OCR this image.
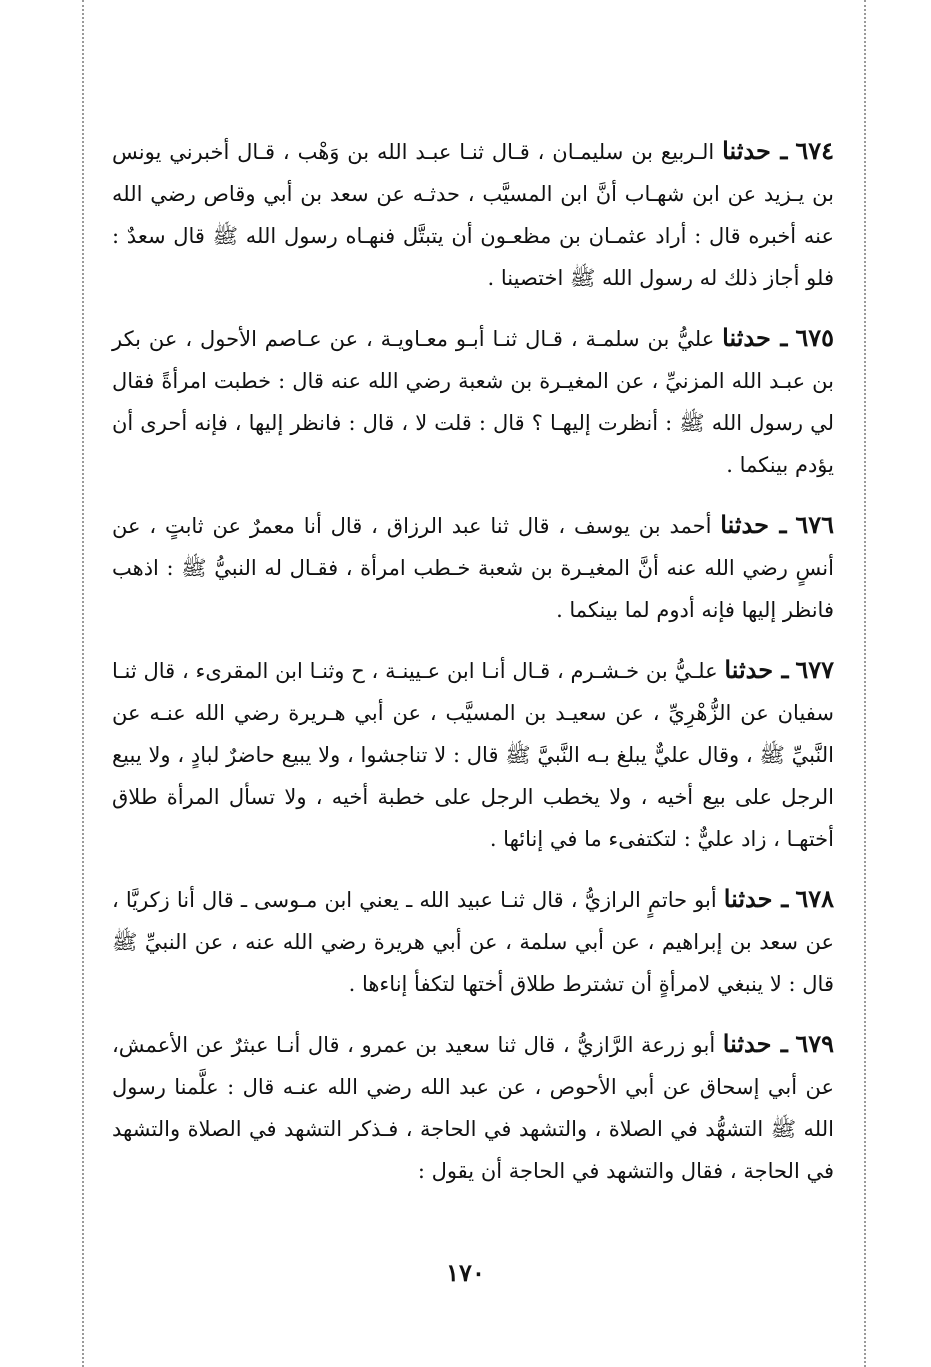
٦٧٤ ـ حدثنا الـربيع بن سليمـان ، قـال ثنـا عبـد الله بن وَهْب ، قـال أخبرني يونس بن يـزيد عن ابن شهـاب أنَّ ابن المسيَّب ، حدثـه عن سعد بن أبي وقاص رضي الله عنه أخبره قال : أراد عثمـان بن مظعـون أن يتبتَّل فنهـاه رسول الله ﷺ قال سعدٌ : فلو أجاز ذلك له رسول الله ﷺ اختصينا .

٦٧٥ ـ حدثنا عليُّ بن سلمـة ، قـال ثنـا أبـو معـاويـة ، عن عـاصم الأحول ، عن بكر بن عبـد الله المزنيِّ ، عن المغيـرة بن شعبة رضي الله عنه قال : خطبت امرأةً فقال لي رسول الله ﷺ : أنظرت إليهـا ؟ قال : قلت لا ، قال : فانظر إليها ، فإنه أحرى أن يؤدم بينكما .

٦٧٦ ـ حدثنا أحمد بن يوسف ، قال ثنا عبد الرزاق ، قال أنا معمرٌ عن ثابتٍ ، عن أنسٍ رضي الله عنه أنَّ المغيـرة بن شعبة خـطب امرأة ، فقـال له النبيُّ ﷺ : اذهب فانظر إليها فإنه أدوم لما بينكما .

٦٧٧ ـ حدثنا علـيُّ بن خـشـرم ، قـال أنـا ابن عـيينـة ، ح وثنـا ابن المقرىء ، قال ثنـا سفيان عن الزُّهْرِيِّ ، عن سعيـد بن المسيَّب ، عن أبي هـريرة رضي الله عنـه عن النَّبيِّ ﷺ ، وقال عليٌّ يبلغ بـه النَّبيَّ ﷺ قال : لا تناجشوا ، ولا يبيع حاضرٌ لبادٍ ، ولا يبيع الرجل على بيع أخيه ، ولا يخطب الرجل على خطبة أخيه ، ولا تسأل المرأة طلاق أختهـا ، زاد عليٌّ : لتكتفىء ما في إنائها .

٦٧٨ ـ حدثنا أبو حاتمٍ الرازيُّ ، قال ثنـا عبيد الله ـ يعني ابن مـوسى ـ قال أنا زكريَّا ، عن سعد بن إبراهيم ، عن أبي سلمة ، عن أبي هريرة رضي الله عنه ، عن النبيِّ ﷺ قال : لا ينبغي لامرأةٍ أن تشترط طلاق أختها لتكفأ إناءها .

٦٧٩ ـ حدثنا أبو زرعة الرَّازيُّ ، قال ثنا سعيد بن عمرو ، قال أنـا عبثرٌ عن الأعمش، عن أبي إسحاق عن أبي الأحوص ، عن عبد الله رضي الله عنـه قال : علَّمنا رسول الله ﷺ التشهُّد في الصلاة ، والتشهد في الحاجة ، فـذكر التشهد في الصلاة والتشهد في الحاجة ، فقال والتشهد في الحاجة أن يقول :

١٧٠
